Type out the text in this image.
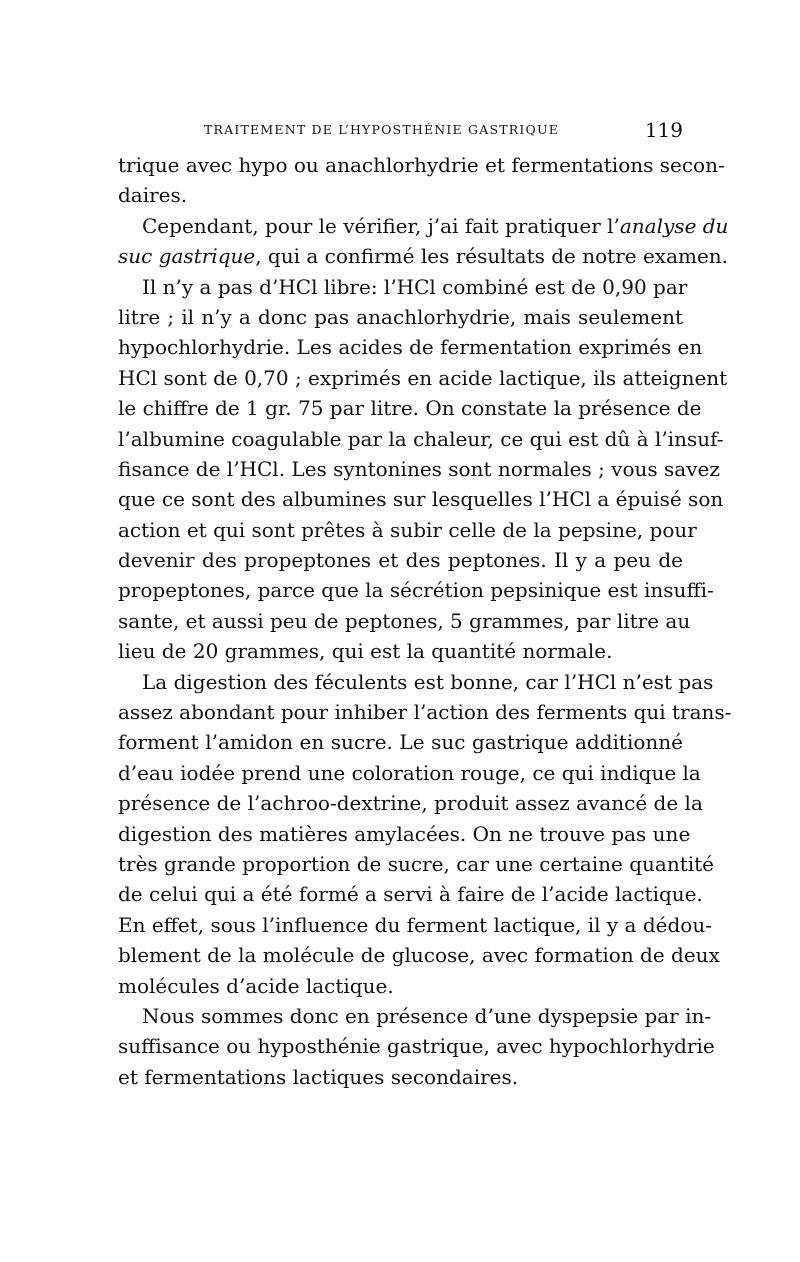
TRAITEMENT DE L’HYPOSTHÉNIE GASTRIQUE	119
trique avec hypo ou anachlorhydrie et fermentations secon-
daires.
Cependant, pour le vérifier, j’ai fait pratiquer l’analyse du
suc gastrique, qui a confirmé les résultats de notre examen.
Il n’y a pas d’HCl libre: l’HCl combiné est de 0,90 par
litre ; il n’y a donc pas anachlorhydrie, mais seulement
hypochlorhydrie. Les acides de fermentation exprimés en
HCl sont de 0,70 ; exprimés en acide lactique, ils atteignent
le chiffre de 1 gr. 75 par litre. On constate la présence de
l’albumine coagulable par la chaleur, ce qui est dû à l’insuf-
fisance de l’HCl. Les syntonines sont normales ; vous savez
que ce sont des albumines sur lesquelles l’HCl a épuisé son
action et qui sont prêtes à subir celle de la pepsine, pour
devenir des propeptones et des peptones. Il y a peu de
propeptones, parce que la sécrétion pepsinique est insuffi-
sante, et aussi peu de peptones, 5 grammes, par litre au
lieu de 20 grammes, qui est la quantité normale.
La digestion des féculents est bonne, car l’HCl n’est pas
assez abondant pour inhiber l’action des ferments qui trans-
forment l’amidon en sucre. Le suc gastrique additionné
d’eau iodée prend une coloration rouge, ce qui indique la
présence de l’achroo-dextrine, produit assez avancé de la
digestion des matières amylacées. On ne trouve pas une
très grande proportion de sucre, car une certaine quantité
de celui qui a été formé a servi à faire de l’acide lactique.
En effet, sous l’influence du ferment lactique, il y a dédou-
blement de la molécule de glucose, avec formation de deux
molécules d’acide lactique.
Nous sommes donc en présence d’une dyspepsie par in-
suffisance ou hyposthénie gastrique, avec hypochlorhydrie
et fermentations lactiques secondaires.
